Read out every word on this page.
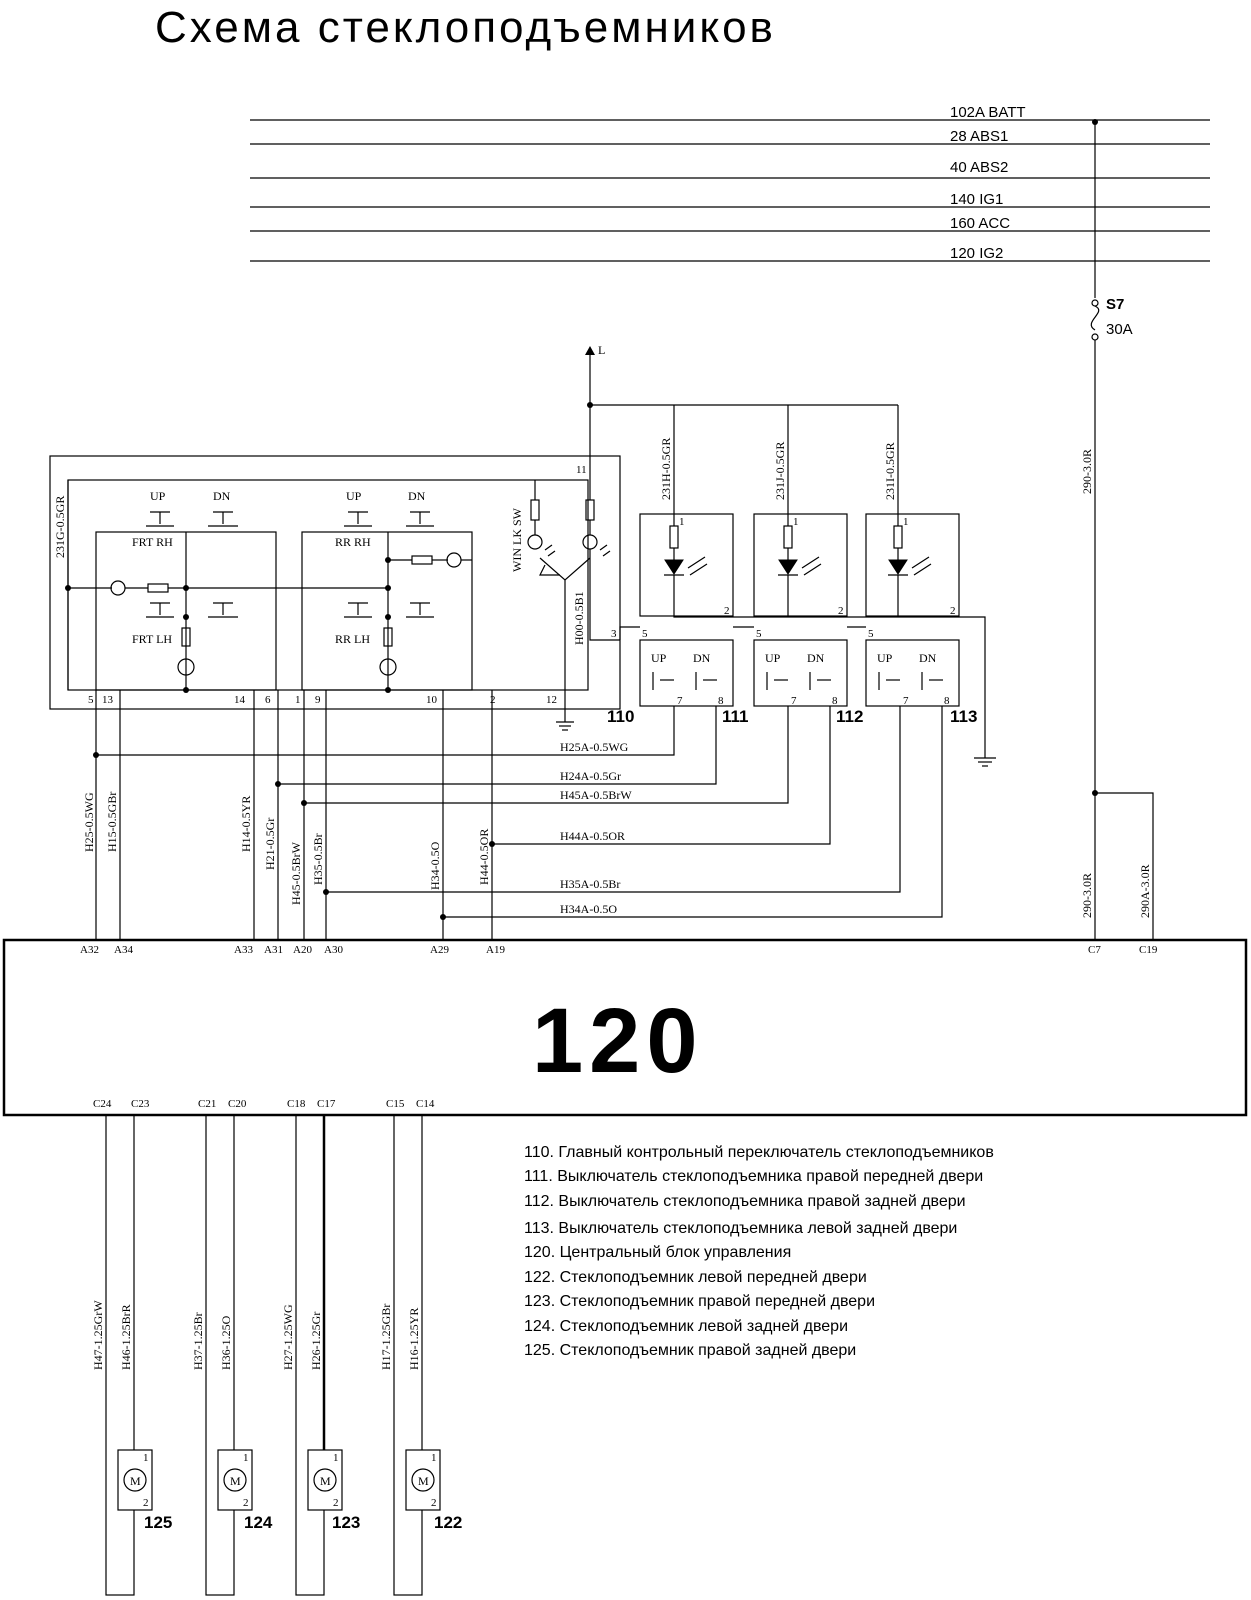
Схема стеклоподъемников
102A BATT
28 ABS1
40 ABS2
140 IG1
160 ACC
120 IG2
S7
30A
L
11
WIN LK SW
H00-0.5B1 3
UP	DN
FRT RH
FRT LH
UP	DN
RR RH
RR LH
5 13	14 6 1 9	10	2	12
110
231G-0.5GR	1
2
5
UP DN
7	8
111
231H-0.5GR
1
2
5
UP DN
7	8
112
231J-0.5GR
1
2
5
UP DN
7	8
113
231I-0.5GR
H25A-0.5WG
H24A-0.5Gr
H45A-0.5BrW
H44A-0.5OR
H35A-0.5Br
H34A-0.5O
H25-0.5WG H15-0.5GBr	H14-0.5YR H21-0.5Gr H45-0.5BrW H35-0.5Br	H34-0.5O	H44-0.5OR
290-3.0R
290-3.0R	290A-3.0R
120
A32 A34	A33 A31 A20 A30	A29	A19	C7	C19
C24 C23	C21 C20	C18 C17	C15 C14
H47-1.25GrW H46-1.25BrR	H37-1.25Br H36-1.25O	H27-1.25WG H26-1.25Gr	H17-1.25GBr H16-1.25YR
M
1
2
125
M
1
2
124
M
1
2
123
M
1
2
122
110. Главный контрольный переключатель стеклоподъемников
111. Выключатель стеклоподъемника правой передней двери
112. Выключатель стеклоподъемника правой задней двери
113. Выключатель стеклоподъемника левой задней двери
120. Центральный блок управления
122. Стеклоподъемник левой передней двери
123. Стеклоподъемник правой передней двери
124. Стеклоподъемник левой задней двери
125. Стеклоподъемник правой задней двери
